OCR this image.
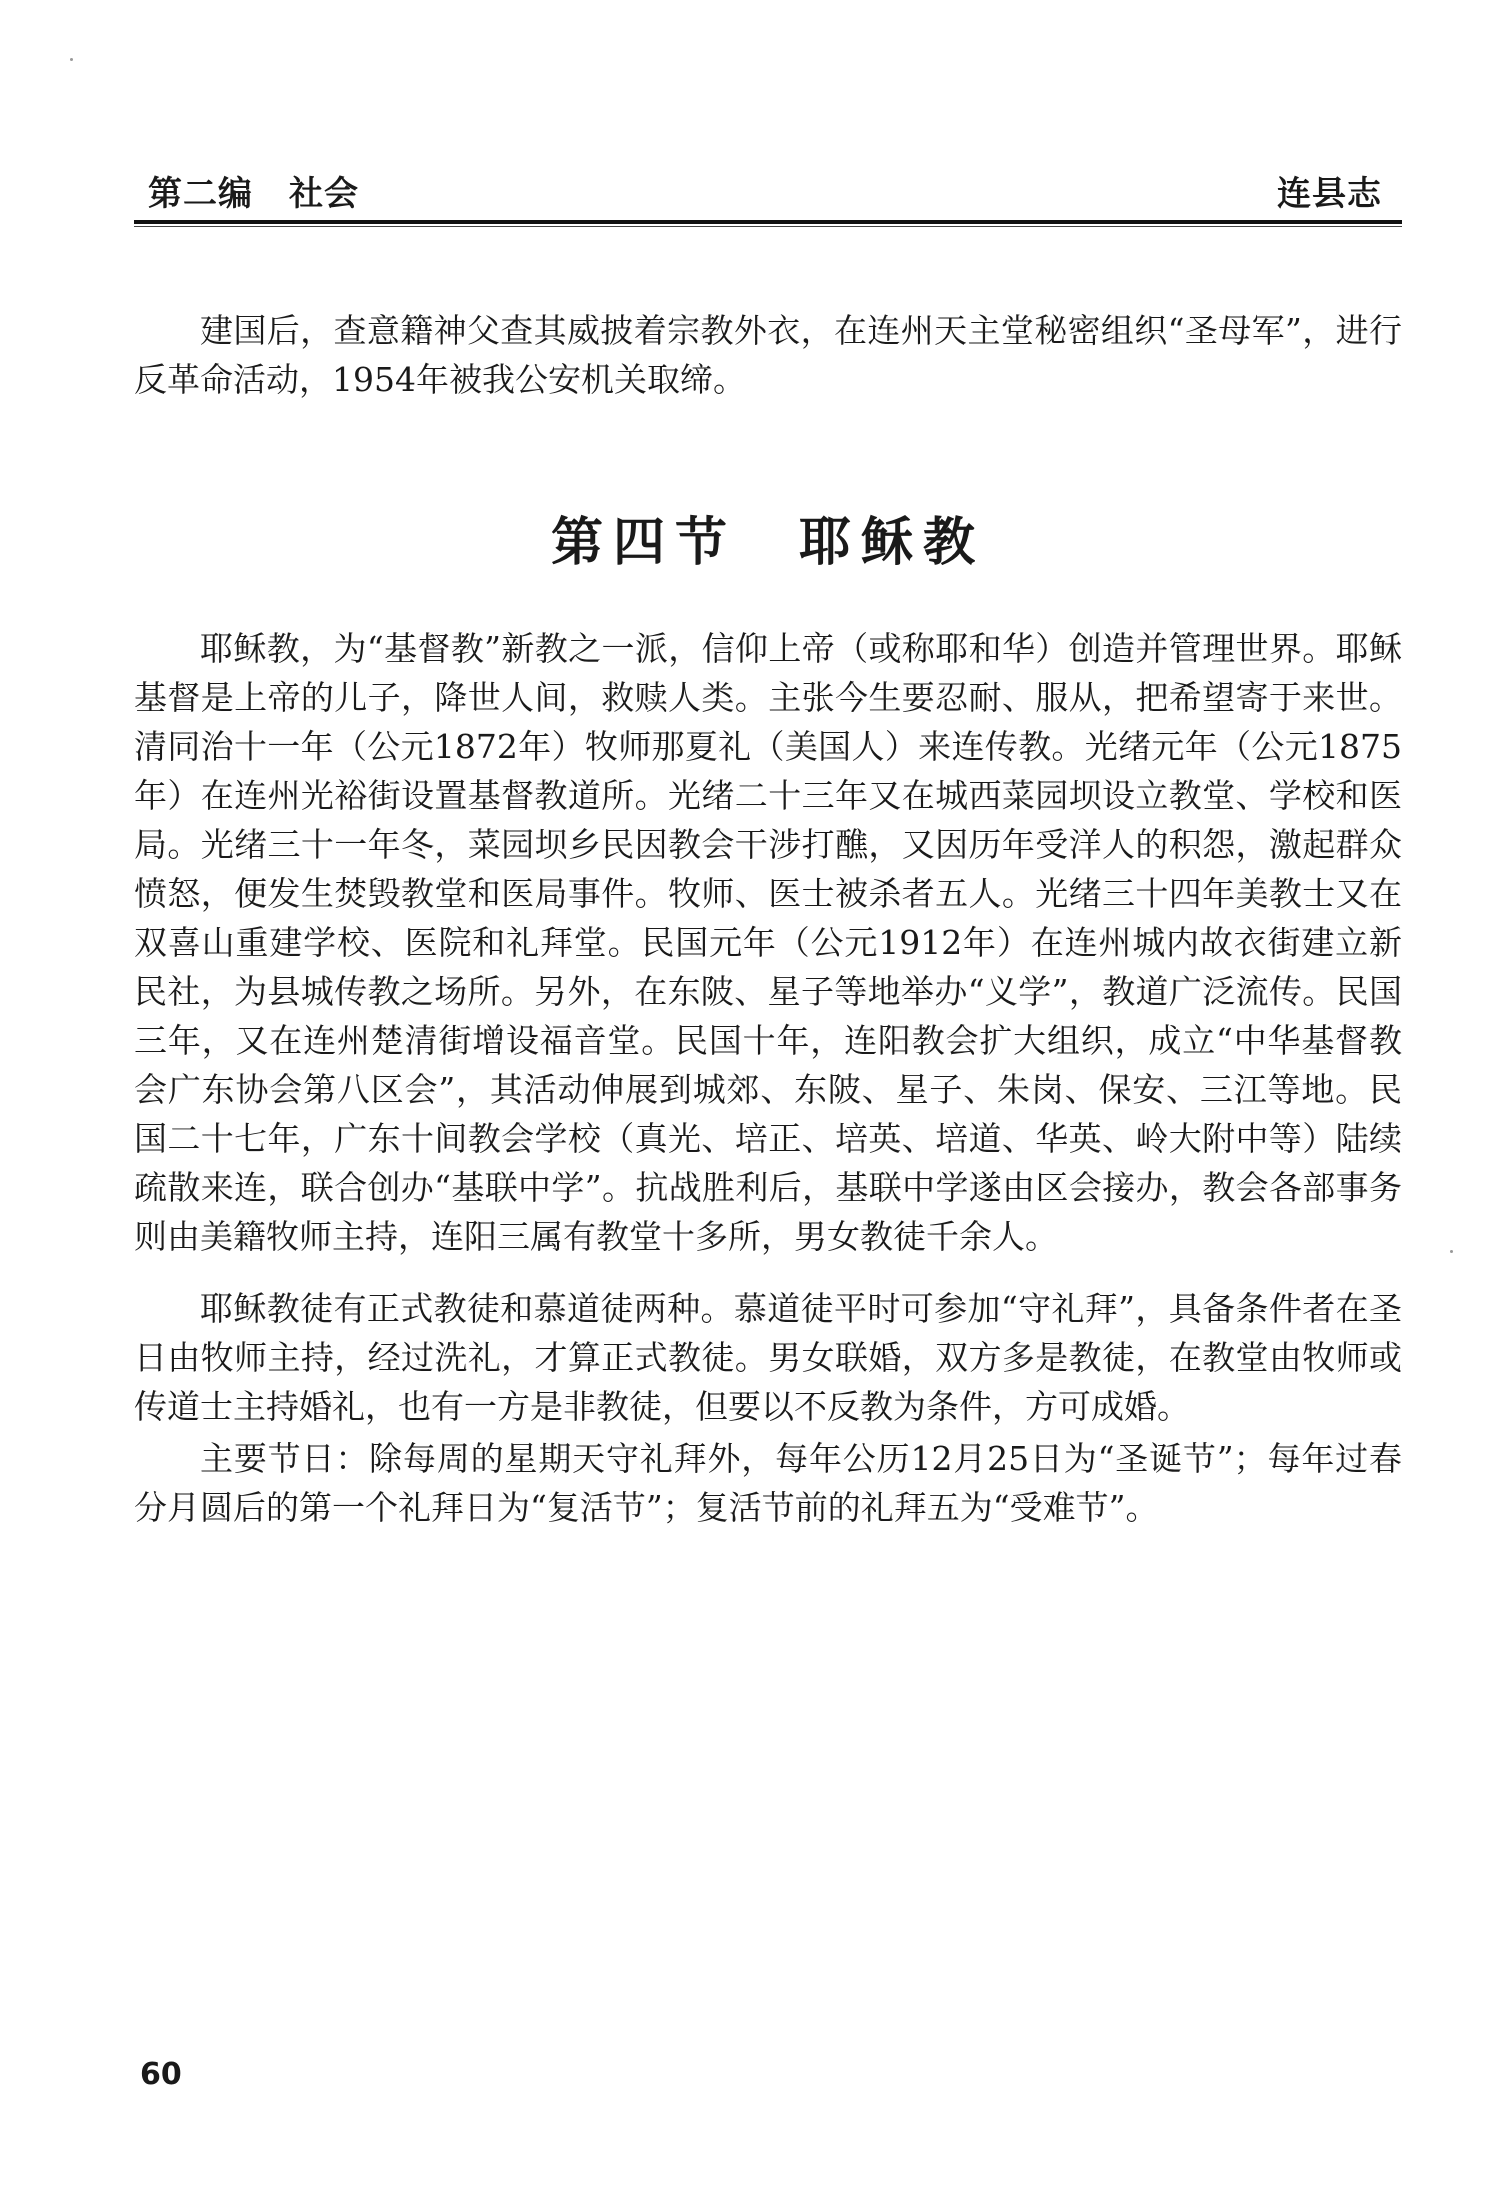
第二编 社会	连县志

建国后，查意籍神父查其威披着宗教外衣，在连州天主堂秘密组织“圣母军”，进行反革命活动，1954年被我公安机关取缔。

第四节　耶稣教

耶稣教，为“基督教”新教之一派，信仰上帝（或称耶和华）创造并管理世界。耶稣基督是上帝的儿子，降世人间，救赎人类。主张今生要忍耐、服从，把希望寄于来世。清同治十一年（公元1872年）牧师那夏礼（美国人）来连传教。光绪元年（公元1875年）在连州光裕街设置基督教道所。光绪二十三年又在城西菜园坝设立教堂、学校和医局。光绪三十一年冬，菜园坝乡民因教会干涉打醮，又因历年受洋人的积怨，激起群众愤怒，便发生焚毁教堂和医局事件。牧师、医士被杀者五人。光绪三十四年美教士又在双喜山重建学校、医院和礼拜堂。民国元年（公元1912年）在连州城内故衣街建立新民社，为县城传教之场所。另外，在东陂、星子等地举办“义学”，教道广泛流传。民国三年，又在连州楚清街增设福音堂。民国十年，连阳教会扩大组织，成立“中华基督教会广东协会第八区会”，其活动伸展到城郊、东陂、星子、朱岗、保安、三江等地。民国二十七年，广东十间教会学校（真光、培正、培英、培道、华英、岭大附中等）陆续疏散来连，联合创办“基联中学”。抗战胜利后，基联中学遂由区会接办，教会各部事务则由美籍牧师主持，连阳三属有教堂十多所，男女教徒千余人。

耶稣教徒有正式教徒和慕道徒两种。慕道徒平时可参加“守礼拜”，具备条件者在圣日由牧师主持，经过洗礼，才算正式教徒。男女联婚，双方多是教徒，在教堂由牧师或传道士主持婚礼，也有一方是非教徒，但要以不反教为条件，方可成婚。

主要节日：除每周的星期天守礼拜外，每年公历12月25日为“圣诞节”；每年过春分月圆后的第一个礼拜日为“复活节”；复活节前的礼拜五为“受难节”。

60
